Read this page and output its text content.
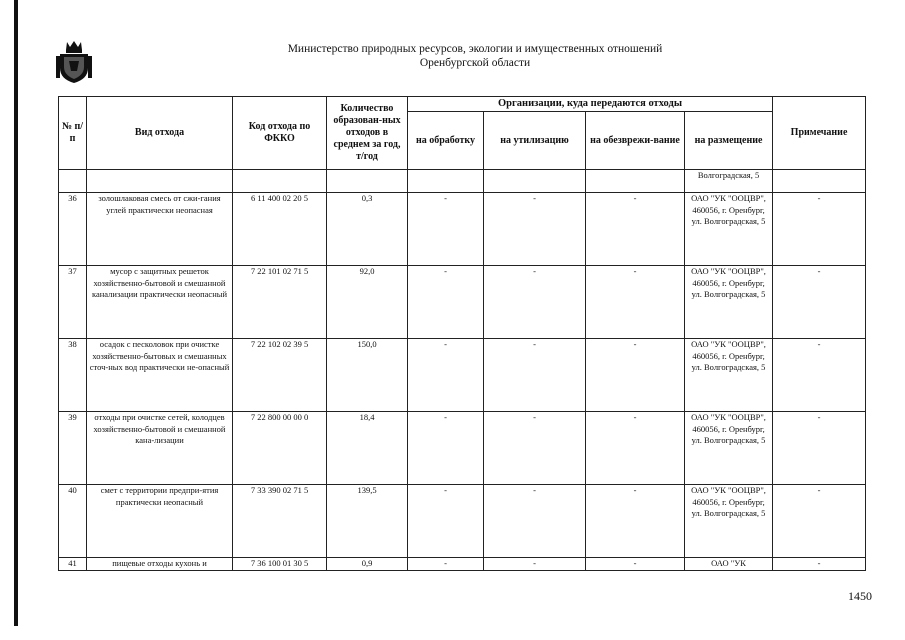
Министерство природных ресурсов, экологии и имущественных отношений
Оренбургской области
№ п/п	Вид отхода	Код отхода по ФККО	Количество образован-ных отходов в среднем за год, т/год	Организации, куда передаются отходы				Примечание
				на обработку	на утилизацию	на обезврежи-вание	на размещение	
							Волгоградская, 5	
36	золошлаковая смесь от сжи-гания углей практически неопасная	6 11 400 02 20 5	0,3	-	-	-	ОАО "УК "ООЦВР", 460056, г. Оренбург, ул. Волгоградская, 5	-
37	мусор с защитных решеток хозяйственно-бытовой и смешанной канализации практически неопасный	7 22 101 02 71 5	92,0	-	-	-	ОАО "УК "ООЦВР", 460056, г. Оренбург, ул. Волгоградская, 5	-
38	осадок с песколовок при очистке хозяйственно-бытовых и смешанных сточ-ных вод практически не-опасный	7 22 102 02 39 5	150,0	-	-	-	ОАО "УК "ООЦВР", 460056, г. Оренбург, ул. Волгоградская, 5	-
39	отходы при очистке сетей, колодцев хозяйственно-бытовой и смешанной кана-лизации	7 22 800 00 00 0	18,4	-	-	-	ОАО "УК "ООЦВР", 460056, г. Оренбург, ул. Волгоградская, 5	-
40	смет с территории предпри-ятия практически неопасный	7 33 390 02 71 5	139,5	-	-	-	ОАО "УК "ООЦВР", 460056, г. Оренбург, ул. Волгоградская, 5	-
41	пищевые отходы кухонь и	7 36 100 01 30 5	0,9	-	-	-	ОАО "УК	-
1450
